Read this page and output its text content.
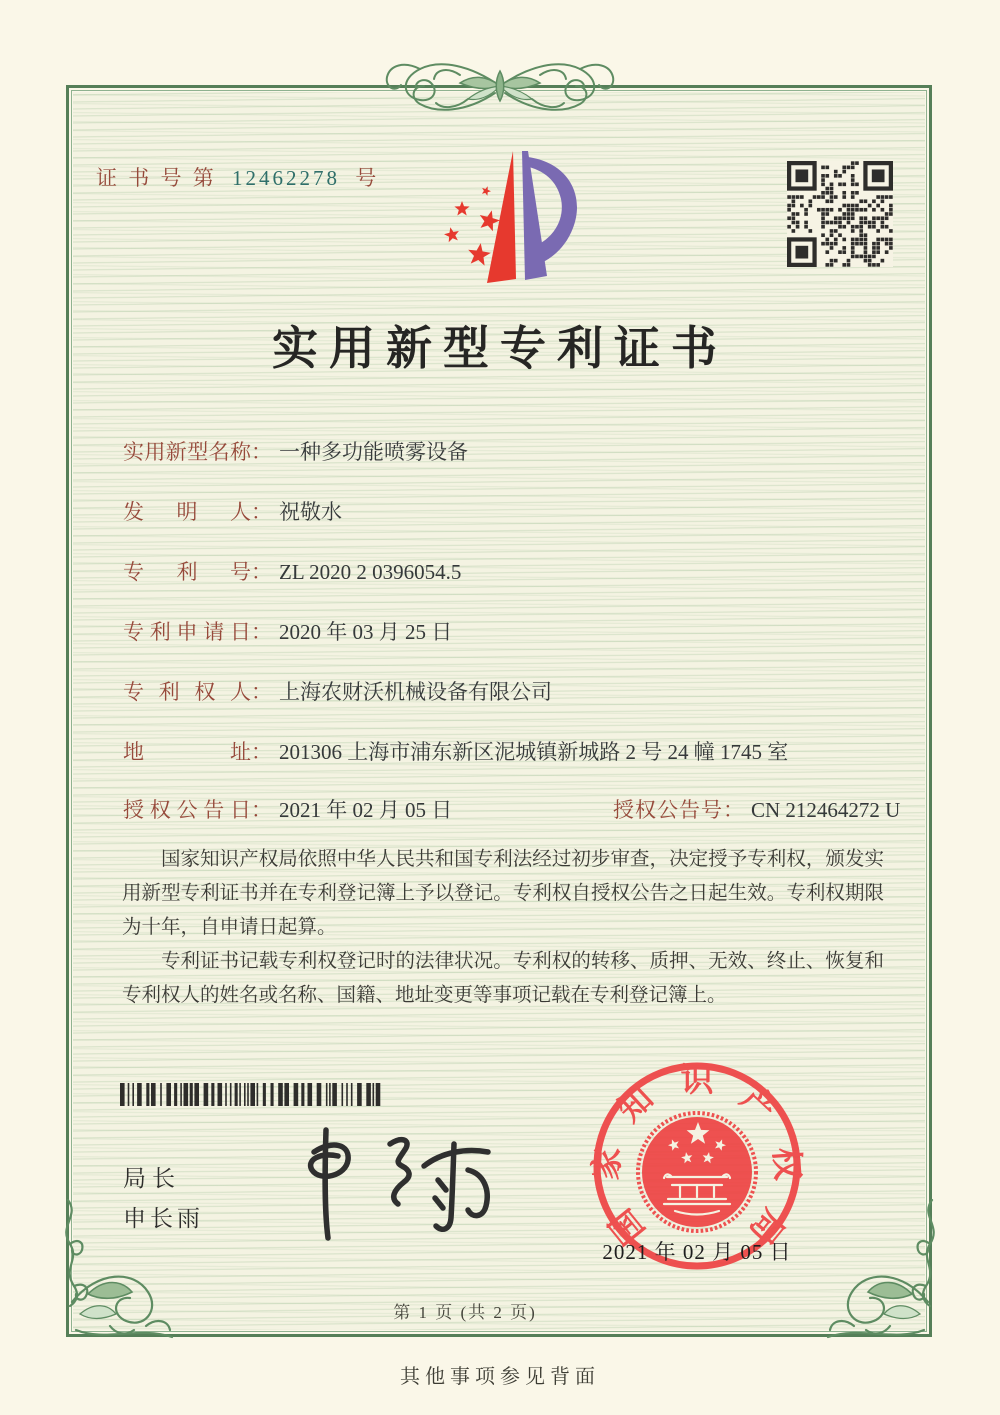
证 书 号 第 12462278 号
实用新型专利证书
实用新型名称： 一种多功能喷雾设备
发明人： 祝敬水
专利号： ZL 2020 2 0396054.5
专利申请日： 2020 年 03 月 25 日
专利权人： 上海农财沃机械设备有限公司
地址： 201306 上海市浦东新区泥城镇新城路 2 号 24 幢 1745 室
授权公告日： 2021 年 02 月 05 日	授权公告号： CN 212464272 U

国家知识产权局依照中华人民共和国专利法经过初步审查，决定授予专利权，颁发实用新型专利证书并在专利登记簿上予以登记。专利权自授权公告之日起生效。专利权期限为十年，自申请日起算。

专利证书记载专利权登记时的法律状况。专利权的转移、质押、无效、终止、恢复和专利权人的姓名或名称、国籍、地址变更等事项记载在专利登记簿上。

局长
申长雨	国
家
知 识 产
权
局
2021 年 02 月 05 日
第 1 页 (共 2 页)
其他事项参见背面
